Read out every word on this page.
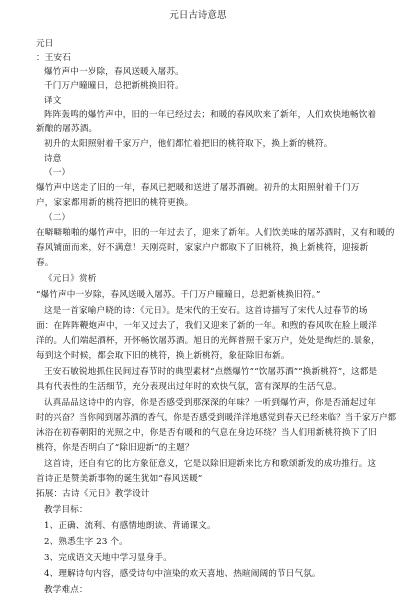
元日古诗意思
元日
：王安石
爆竹声中一岁除，春风送暖入屠苏。
千门万户曈曈日，总把新桃换旧符。
译文
阵阵轰鸣的爆竹声中，旧的一年已经过去；和暖的春风吹来了新年，人们欢快地畅饮着
新酿的屠苏酒。
初升的太阳照射着千家万户，他们都忙着把旧的桃符取下，换上新的桃符。
诗意
（一）
爆竹声中送走了旧的一年，春风已把暖和送进了屠苏酒碗。初升的太阳照射着千门万
户，家家都用新的桃符把旧的桃符更换。
（二）
在噼噼啪啪的爆竹声中，旧的一年过去了，迎来了新年。人们饮美味的屠苏酒时，又有和暖的
春风铺面而来，好不满意！天刚亮时，家家户户都取下了旧桃符，换上新桃符，迎接新
春。
《元日》赏析
“爆竹声中一岁除，春风送暖入屠苏。千门万户曈曈日，总把新桃换旧符。”
这是一首家喻户晓的诗：《元日》。是宋代的王安石。这首诗描写了宋代人过春节的场
面：在阵阵鞭炮声中，一年又过去了，我们又迎来了新的一年。和煦的春风吹在脸上暖洋
洋的。人们端起酒杯，开怀畅饮屠苏酒。旭日的光辉普照千家万户，处处是绚烂的.景象，
每到这个时候，都会取下旧的桃符，换上新桃符，象征除旧布新。
王安石敏锐地抓住民间过春节时的典型素材“点燃爆竹”“饮屠苏酒”“换新桃符”，这都是
具有代表性的生活细节，充分表现出过年时的欢快气氛，富有深厚的生活气息。
认真品品这诗中的内容，你是否感受到那深深的年味？一听到爆竹声，你是否涌起过年
时的兴奋？当你闻到屠苏酒的香气，你是否感受到暖洋洋地感觉到春天已经来临？当千家万户都
沐浴在初春朝阳的光照之中，你是否有暖和的气息在身边环绕？当人们用新桃符换下了旧
桃符，你是否明白了“除旧迎新”的主题？
这首诗，还自有它的比方象征意义，它是以除旧迎新来比方和歌颂新发的成功推行。这
首诗正是赞美新事物的诞生犹如“春风送暖”
拓展：古诗《元日》教学设计
教学目标：
1、正确、流利、有感情地朗读、背诵课文。
2、熟悉生字 23 个。
3、完成语文天地中学习显身手。
4、理解诗句内容，感受诗句中渲染的欢天喜地、热暄闹阔的节日气氛。
教学难点：
